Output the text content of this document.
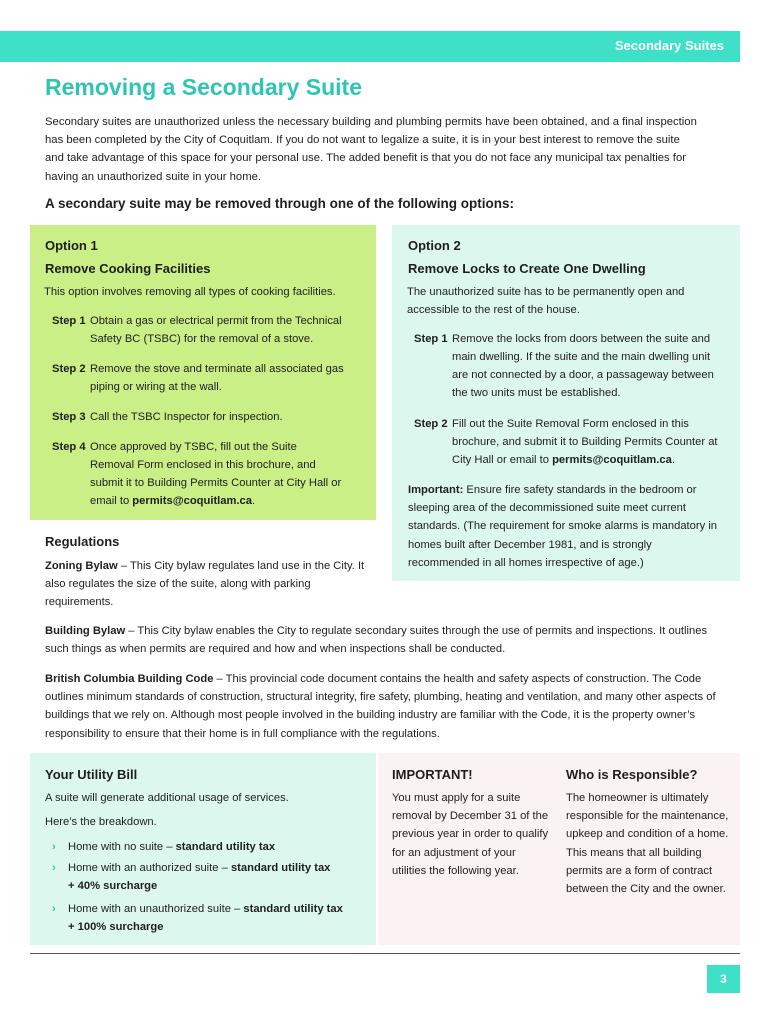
Secondary Suites
Removing a Secondary Suite
Secondary suites are unauthorized unless the necessary building and plumbing permits have been obtained, and a final inspection
has been completed by the City of Coquitlam. If you do not want to legalize a suite, it is in your best interest to remove the suite
and take advantage of this space for your personal use. The added benefit is that you do not face any municipal tax penalties for
having an unauthorized suite in your home.
A secondary suite may be removed through one of the following options:
Option 1
Remove Cooking Facilities
This option involves removing all types of cooking facilities.
Step 1 Obtain a gas or electrical permit from the Technical Safety BC (TSBC) for the removal of a stove.
Step 2 Remove the stove and terminate all associated gas piping or wiring at the wall.
Step 3 Call the TSBC Inspector for inspection.
Step 4 Once approved by TSBC, fill out the Suite Removal Form enclosed in this brochure, and submit it to Building Permits Counter at City Hall or email to permits@coquitlam.ca.
Option 2
Remove Locks to Create One Dwelling
The unauthorized suite has to be permanently open and accessible to the rest of the house.
Step 1 Remove the locks from doors between the suite and main dwelling. If the suite and the main dwelling unit are not connected by a door, a passageway between the two units must be established.
Step 2 Fill out the Suite Removal Form enclosed in this brochure, and submit it to Building Permits Counter at City Hall or email to permits@coquitlam.ca.
Important: Ensure fire safety standards in the bedroom or sleeping area of the decommissioned suite meet current standards. (The requirement for smoke alarms is mandatory in homes built after December 1981, and is strongly recommended in all homes irrespective of age.)
Regulations
Zoning Bylaw – This City bylaw regulates land use in the City. It also regulates the size of the suite, along with parking requirements.
Building Bylaw – This City bylaw enables the City to regulate secondary suites through the use of permits and inspections. It outlines such things as when permits are required and how and when inspections shall be conducted.
British Columbia Building Code – This provincial code document contains the health and safety aspects of construction. The Code outlines minimum standards of construction, structural integrity, fire safety, plumbing, heating and ventilation, and many other aspects of buildings that we rely on. Although most people involved in the building industry are familiar with the Code, it is the property owner’s responsibility to ensure that their home is in full compliance with the regulations.
Your Utility Bill
A suite will generate additional usage of services.
Here’s the breakdown.
›	Home with no suite – standard utility tax
›	Home with an authorized suite – standard utility tax
+ 40% surcharge
›	Home with an unauthorized suite – standard utility tax
+ 100% surcharge
IMPORTANT!
You must apply for a suite removal by December 31 of the previous year in order to qualify for an adjustment of your utilities the following year.
Who is Responsible?
The homeowner is ultimately responsible for the maintenance, upkeep and condition of a home. This means that all building permits are a form of contract between the City and the owner.
3
